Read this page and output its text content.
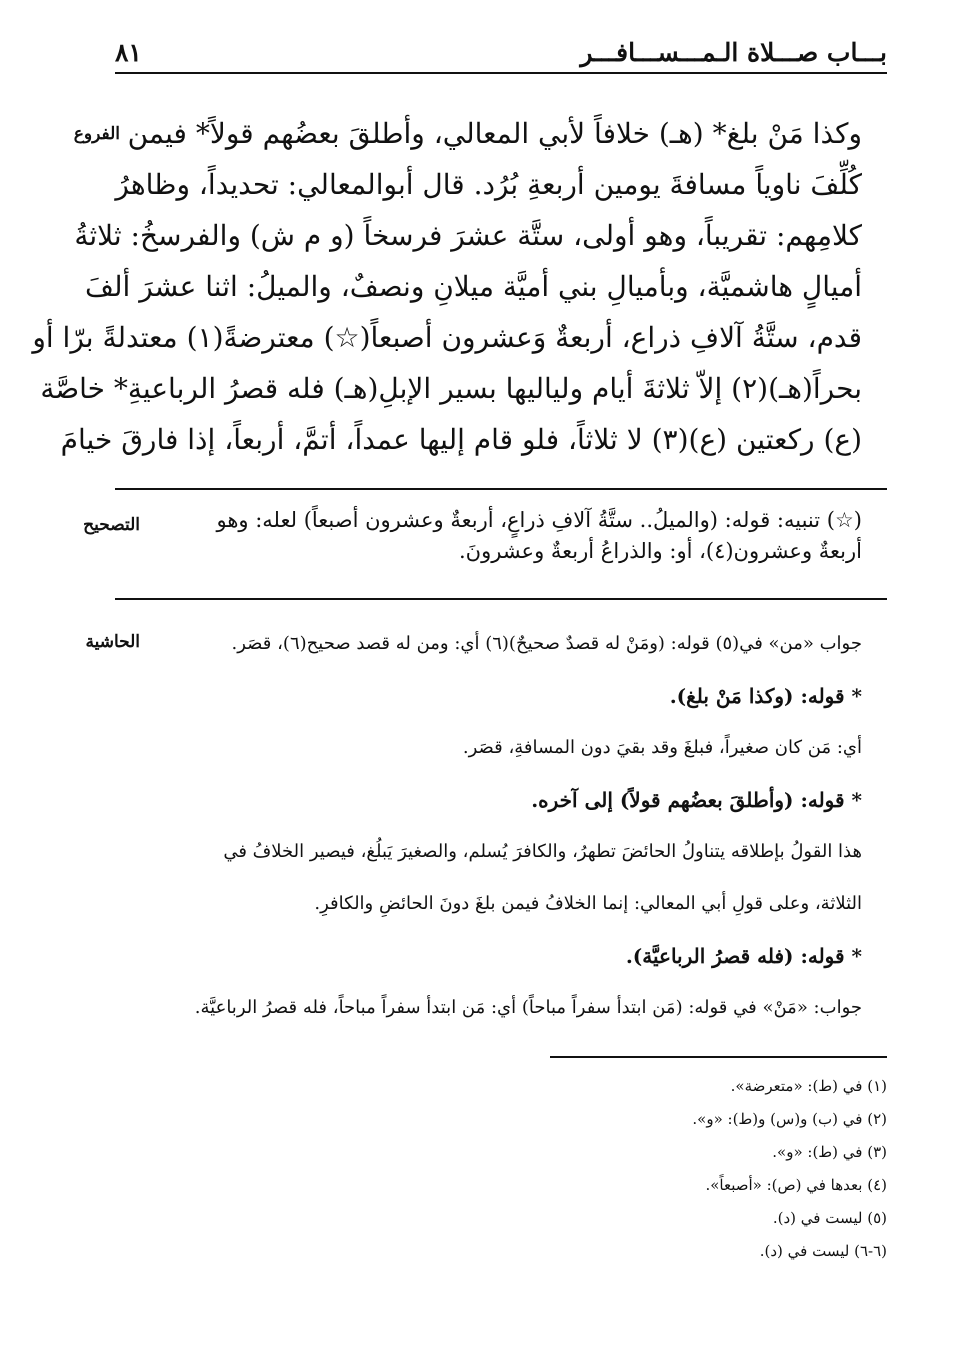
بـــاب صـــلاة الـمـــســـافـــر
٨١
الفروع وكذا مَنْ بلغ* (هـ) خلافاً لأبي المعالي، وأطلقَ بعضُهم قولاً* فيمن
كُلِّفَ ناوياً مسافةَ يومين أربعةِ بُرُد. قال أبوالمعالي: تحديداً، وظاهرُ
كلامِهم: تقريباً، وهو أولى، ستَّة عشرَ فرسخاً (و م ش) والفرسخُ: ثلاثةُ
أميالٍ هاشميَّة، وبأميالِ بني أميَّة ميلانِ ونصفٌ، والميلُ: اثنا عشرَ ألفَ
قدم، ستَّةُ آلافِ ذراع، أربعةٌ وَعشرون أصبعاً(☆) معترضةً(١) معتدلةً برّا أو
بحراً(هـ)(٢) إلاّ ثلاثةَ أيام ولياليها بسير الإبلِ(هـ) فله قصرُ الرباعيةِ* خاصَّة
(ع) ركعتين (ع)(٣) لا ثلاثاً، فلو قام إليها عمداً، أتمَّ، أربعاً، إذا فارقَ خيامَ
التصحيح	(☆) تنبيه: قوله: (والميلُ.. ستَّةُ آلافِ ذراعٍ، أربعةٌ وعشرون أصبعاً) لعله: وهو
أربعةٌ وعشرون(٤)، أو: والذراعُ أربعةٌ وعشرونَ.
الحاشية	جواب «من» في(٥) قوله: (ومَنْ له قصدٌ صحيحٌ)(٦) أي: ومن له قصد صحيح(٦)، قصَر.
* قوله: (وكذا مَنْ بلغ).
أي: مَن كان صغيراً، فبلغَ وقد بقيَ دون المسافةِ، قصَر.
* قوله: (وأطلقَ بعضُهم قولاً) إلى آخره.
هذا القولُ بإطلاقه يتناولُ الحائضَ تطهرُ، والكافرَ يُسلم، والصغيرَ يَبلُغ، فيصير الخلافُ في
الثلاثة، وعلى قولِ أبي المعالي: إنما الخلافُ فيمن بلغَ دونَ الحائضِ والكافرِ.
* قوله: (فله قصرُ الرباعيَّة).
جواب: «مَنْ» في قوله: (مَن ابتدأ سفراً مباحاً) أي: مَن ابتدأ سفراً مباحاً، فله قصرُ الرباعيَّة.
(١) في (ط): «متعرضة».
(٢) في (ب) و(س) و(ط): «و».
(٣) في (ط): «و».
(٤) بعدها في (ص): «أصبعاً».
(٥) ليست في (د).
(٦-٦) ليست في (د).
